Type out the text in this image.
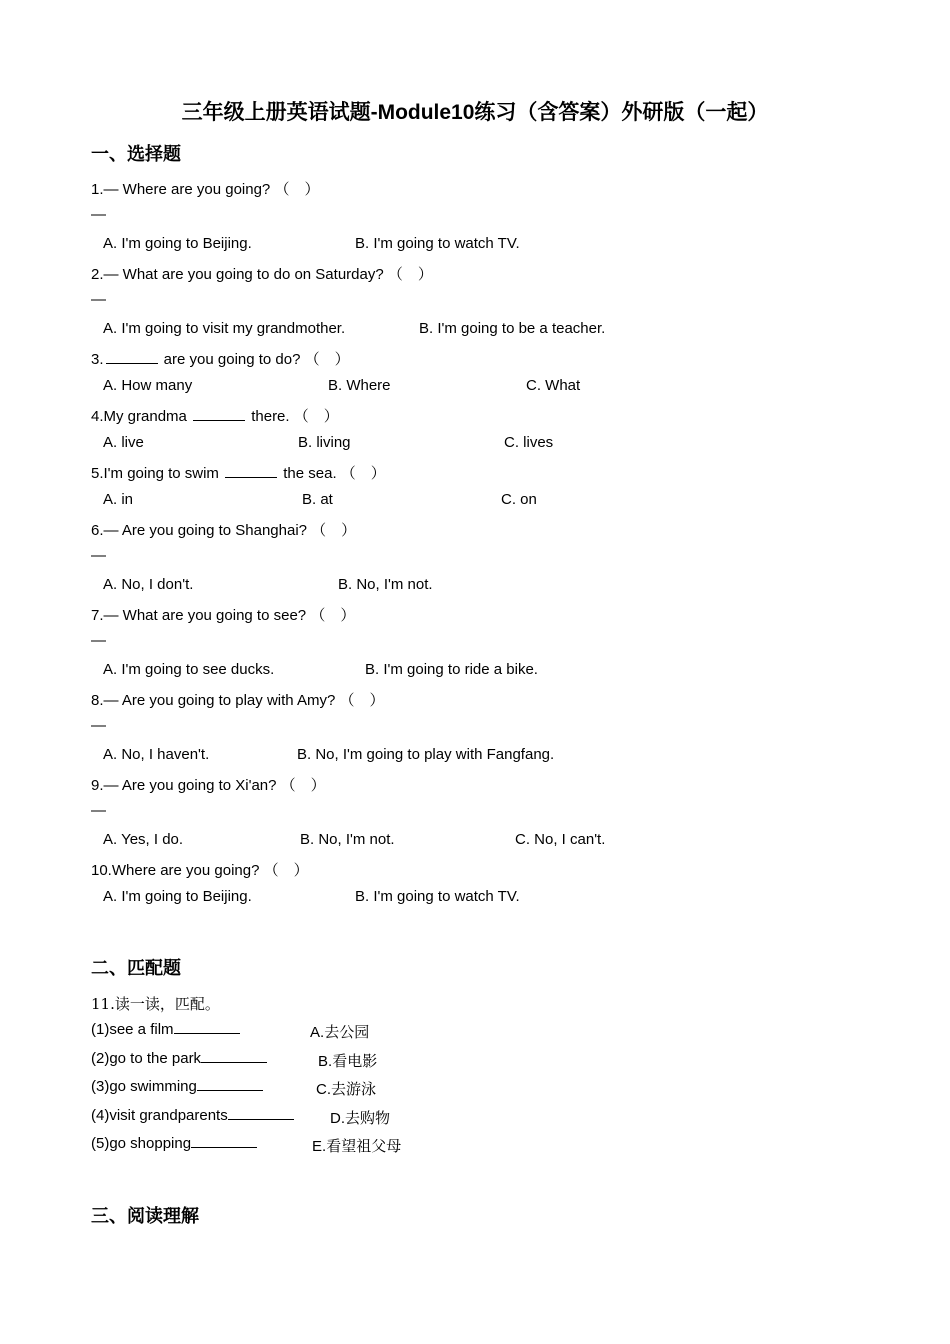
三年级上册英语试题-Module10练习（含答案）外研版（一起）
一、选择题
1.— Where are you going? （　）
—
A. I'm going to Beijing.	B. I'm going to watch TV.
2.— What are you going to do on Saturday? （　）
—
A. I'm going to visit my grandmother.	B. I'm going to be a teacher.
3.	are you going to do? （　）
A. How many	B. Where	C. What
4.My grandma	there. （　）
A. live	B. living	C. lives
5.I'm going to swim	the sea. （　）
A. in	B. at	C. on
6.— Are you going to Shanghai? （　）
—
A. No, I don't.	B. No, I'm not.
7.— What are you going to see? （　）
—
A. I'm going to see ducks.	B. I'm going to ride a bike.
8.— Are you going to play with Amy? （　）
—
A. No, I haven't.	B. No, I'm going to play with Fangfang.
9.— Are you going to Xi'an? （　）
—
A. Yes, I do.	B. No, I'm not.	C. No, I can't.
10.Where are you going? （　）
A. I'm going to Beijing.	B. I'm going to watch TV.
二、匹配题
11.读一读，匹配。
(1)see a film	A.去公园
(2)go to the park	B.看电影
(3)go swimming	C.去游泳
(4)visit grandparents	D.去购物
(5)go shopping	E.看望祖父母
三、阅读理解
